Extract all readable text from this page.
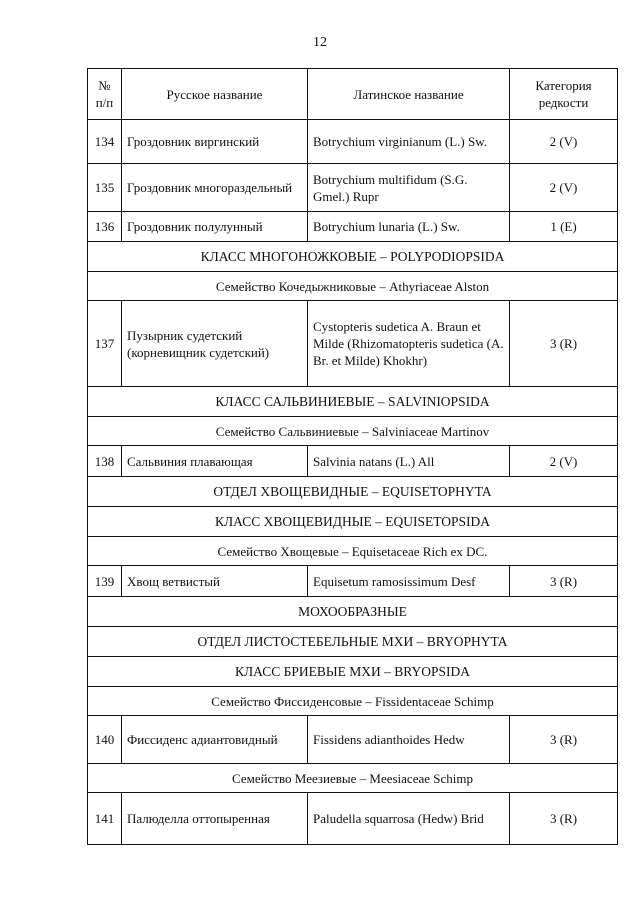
12
№ п/п	Русское название	Латинское название	Категория редкости
134	Гроздовник виргинский	Botrychium virginianum (L.) Sw.	2 (V)
135	Гроздовник многораздельный	Botrychium multifidum (S.G. Gmel.) Rupr	2 (V)
136	Гроздовник полулунный	Botrychium lunaria (L.) Sw.	1 (E)
КЛАСС МНОГОНОЖКОВЫЕ – POLYPODIOPSIDA			
Семейство Кочедыжниковые – Athyriaceae Alston			
137	Пузырник судетский (корневищник судетский)	Cystopteris sudetica A. Braun et Milde (Rhizomatopteris sudetica (A. Br. et Milde) Khokhr)	3 (R)
КЛАСС САЛЬВИНИЕВЫЕ – SALVINIOPSIDA			
Семейство Сальвиниевые – Salviniaceae Martinov			
138	Сальвиния плавающая	Salvinia natans (L.) All	2 (V)
ОТДЕЛ ХВОЩЕВИДНЫЕ – EQUISETOPHYTA			
КЛАСС ХВОЩЕВИДНЫЕ – EQUISETOPSIDA			
Семейство Хвощевые – Equisetaceae Rich ex DC.			
139	Хвощ ветвистый	Equisetum ramosissimum Desf	3 (R)
МОХООБРАЗНЫЕ			
ОТДЕЛ ЛИСТОСТЕБЕЛЬНЫЕ МХИ – BRYOPHYTA			
КЛАСС БРИЕВЫЕ МХИ – BRYOPSIDA			
Семейство Фиссиденсовые – Fissidentaceae Schimp			
140	Фиссиденс адиантовидный	Fissidens adianthoides Hedw	3 (R)
Семейство Меезиевые – Meesiaceae Schimp			
141	Палюделла оттопыренная	Paludella squarrosa (Hedw) Brid	3 (R)
